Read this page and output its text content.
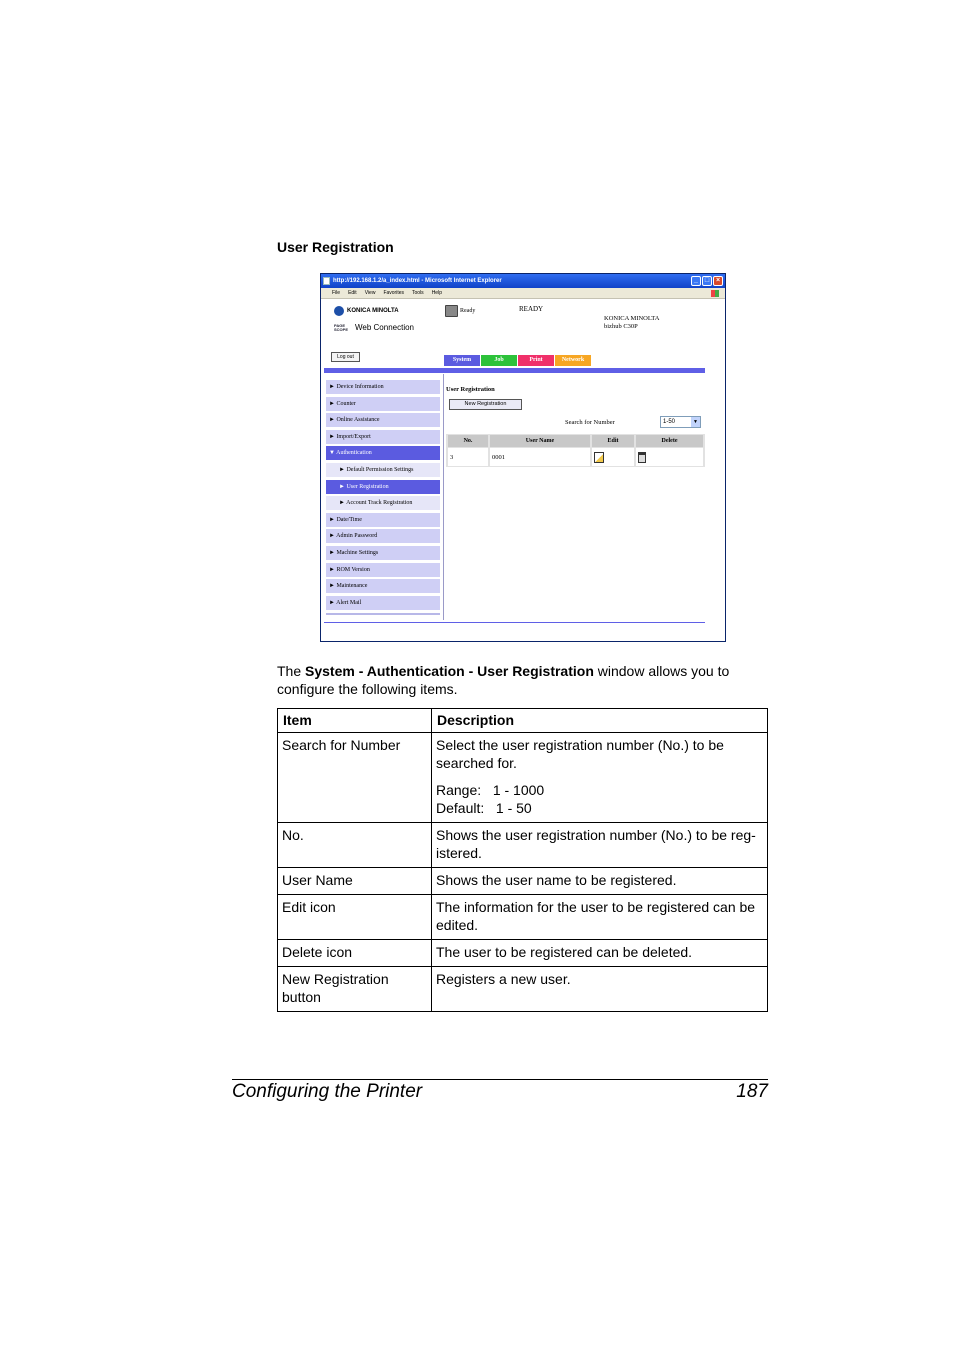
User Registration
http://192.168.1.2/a_index.html - Microsoft Internet Explorer	_ □ ×
File Edit View Favorites Tools Help
KONICA MINOLTA
PAGE SCOPE Web Connection
Log out
Ready	READY
KONICA MINOLTA
bizhub C30P
System	Job	Print	Network
► Device Information
► Counter
► Online Assistance
► Import/Export
▼ Authentication
► Default Permission Settings
► User Registration
► Account Track Registration
► Date/Time
► Admin Password
► Machine Settings
► ROM Version
► Maintenance
► Alert Mail
User Registration
New Registration
Search for Number	1-50	▼
No.	User Name	Edit	Delete
3	0001		

The System - Authentication - User Registration window allows you to configure the following items.

Item	Description
Search for Number	Select the user registration number (No.) to be searched for.
Range:   1 - 1000
Default:   1 - 50

No.	Shows the user registration number (No.) to be reg-istered.
User Name	Shows the user name to be registered.
Edit icon	The information for the user to be registered can be edited.
Delete icon	The user to be registered can be deleted.
New Registration button	Registers a new user.
Configuring the Printer	187
